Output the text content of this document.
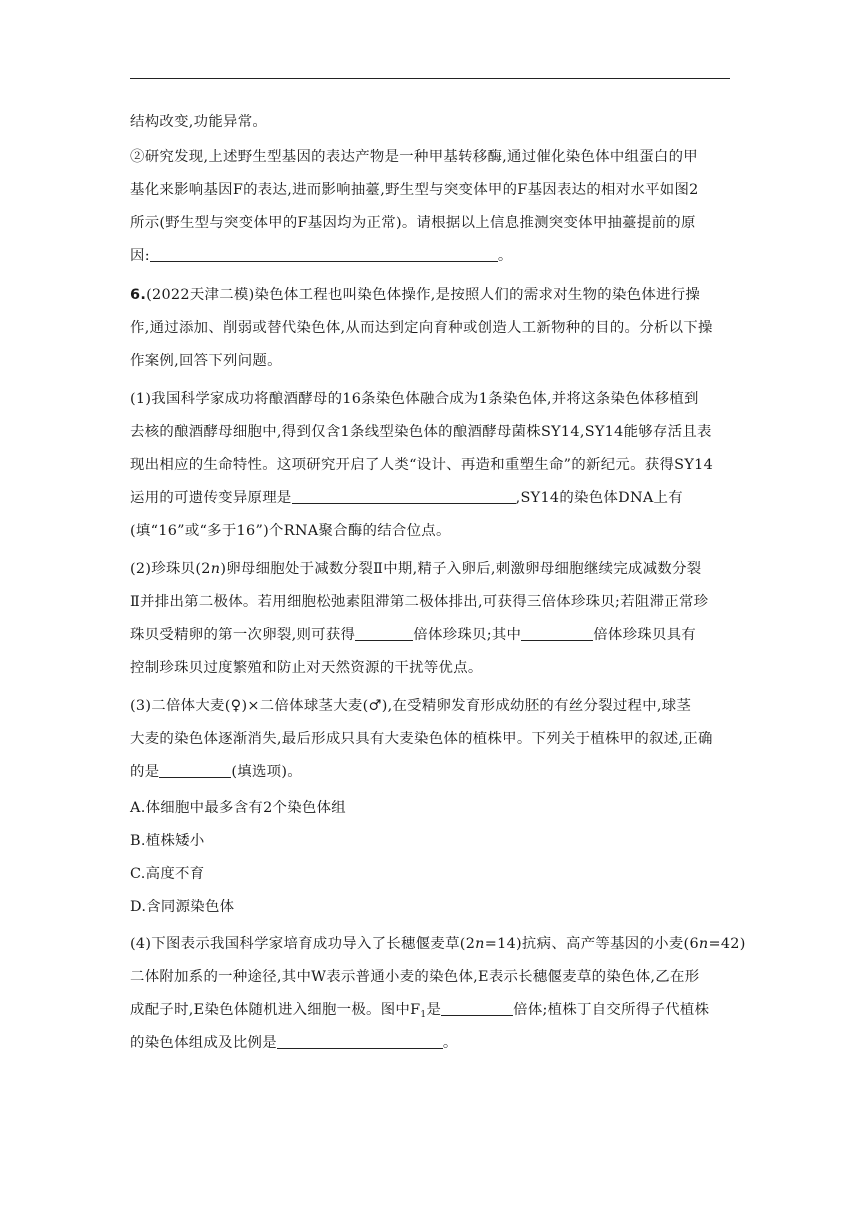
结构改变,功能异常。
②研究发现,上述野生型基因的表达产物是一种甲基转移酶,通过催化染色体中组蛋白的甲
基化来影响基因F的表达,进而影响抽薹,野生型与突变体甲的F基因表达的相对水平如图2
所示(野生型与突变体甲的F基因均为正常)。请根据以上信息推测突变体甲抽薹提前的原
因:	。
6.(2022天津二模)染色体工程也叫染色体操作,是按照人们的需求对生物的染色体进行操
作,通过添加、削弱或替代染色体,从而达到定向育种或创造人工新物种的目的。分析以下操
作案例,回答下列问题。
(1)我国科学家成功将酿酒酵母的16条染色体融合成为1条染色体,并将这条染色体移植到
去核的酿酒酵母细胞中,得到仅含1条线型染色体的酿酒酵母菌株SY14,SY14能够存活且表
现出相应的生命特性。这项研究开启了人类“设计、再造和重塑生命”的新纪元。获得SY14
运用的可遗传变异原理是	,SY14的染色体DNA上有
(填“16”或“多于16”)个RNA聚合酶的结合位点。
(2)珍珠贝(2n)卵母细胞处于减数分裂Ⅱ中期,精子入卵后,刺激卵母细胞继续完成减数分裂
Ⅱ并排出第二极体。若用细胞松弛素阻滞第二极体排出,可获得三倍体珍珠贝;若阻滞正常珍
珠贝受精卵的第一次卵裂,则可获得	倍体珍珠贝;其中	倍体珍珠贝具有
控制珍珠贝过度繁殖和防止对天然资源的干扰等优点。
(3)二倍体大麦(♀)×二倍体球茎大麦(♂),在受精卵发育形成幼胚的有丝分裂过程中,球茎
大麦的染色体逐渐消失,最后形成只具有大麦染色体的植株甲。下列关于植株甲的叙述,正确
的是	(填选项)。
A.体细胞中最多含有2个染色体组
B.植株矮小
C.高度不育
D.含同源染色体
(4)下图表示我国科学家培育成功导入了长穗偃麦草(2n=14)抗病、高产等基因的小麦(6n=42)
二体附加系的一种途径,其中W表示普通小麦的染色体,E表示长穗偃麦草的染色体,乙在形
成配子时,E染色体随机进入细胞一极。图中$F_1$是	倍体;植株丁自交所得子代植株
的染色体组成及比例是	。
